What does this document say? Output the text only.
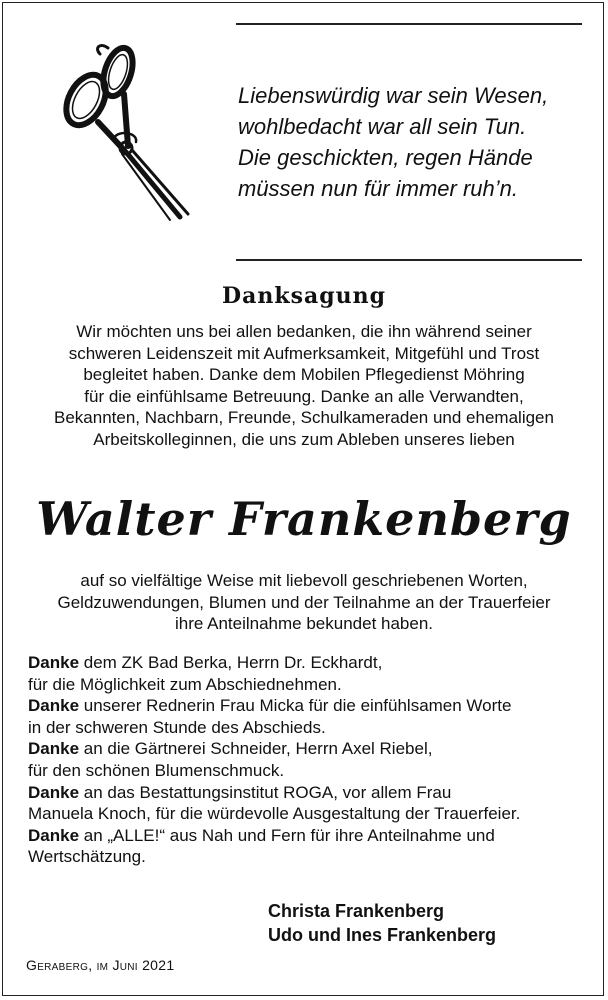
Liebenswürdig war sein Wesen,
wohlbedacht war all sein Tun.
Die geschickten, regen Hände
müssen nun für immer ruh’n.
Danksagung
Wir möchten uns bei allen bedanken, die ihn während seiner
schweren Leidenszeit mit Aufmerksamkeit, Mitgefühl und Trost
begleitet haben. Danke dem Mobilen Pflegedienst Möhring
für die einfühlsame Betreuung. Danke an alle Verwandten,
Bekannten, Nachbarn, Freunde, Schulkameraden und ehemaligen
Arbeitskolleginnen, die uns zum Ableben unseres lieben
Walter Frankenberg
auf so vielfältige Weise mit liebevoll geschriebenen Worten,
Geldzuwendungen, Blumen und der Teilnahme an der Trauerfeier
ihre Anteilnahme bekundet haben.
Danke dem ZK Bad Berka, Herrn Dr. Eckhardt,
für die Möglichkeit zum Abschiednehmen.
Danke unserer Rednerin Frau Micka für die einfühlsamen Worte
in der schweren Stunde des Abschieds.
Danke an die Gärtnerei Schneider, Herrn Axel Riebel,
für den schönen Blumenschmuck.
Danke an das Bestattungsinstitut ROGA, vor allem Frau
Manuela Knoch, für die würdevolle Ausgestaltung der Trauerfeier.
Danke an „ALLE!“ aus Nah und Fern für ihre Anteilnahme und
Wertschätzung.
Christa Frankenberg
Udo und Ines Frankenberg
Geraberg, im Juni 2021
